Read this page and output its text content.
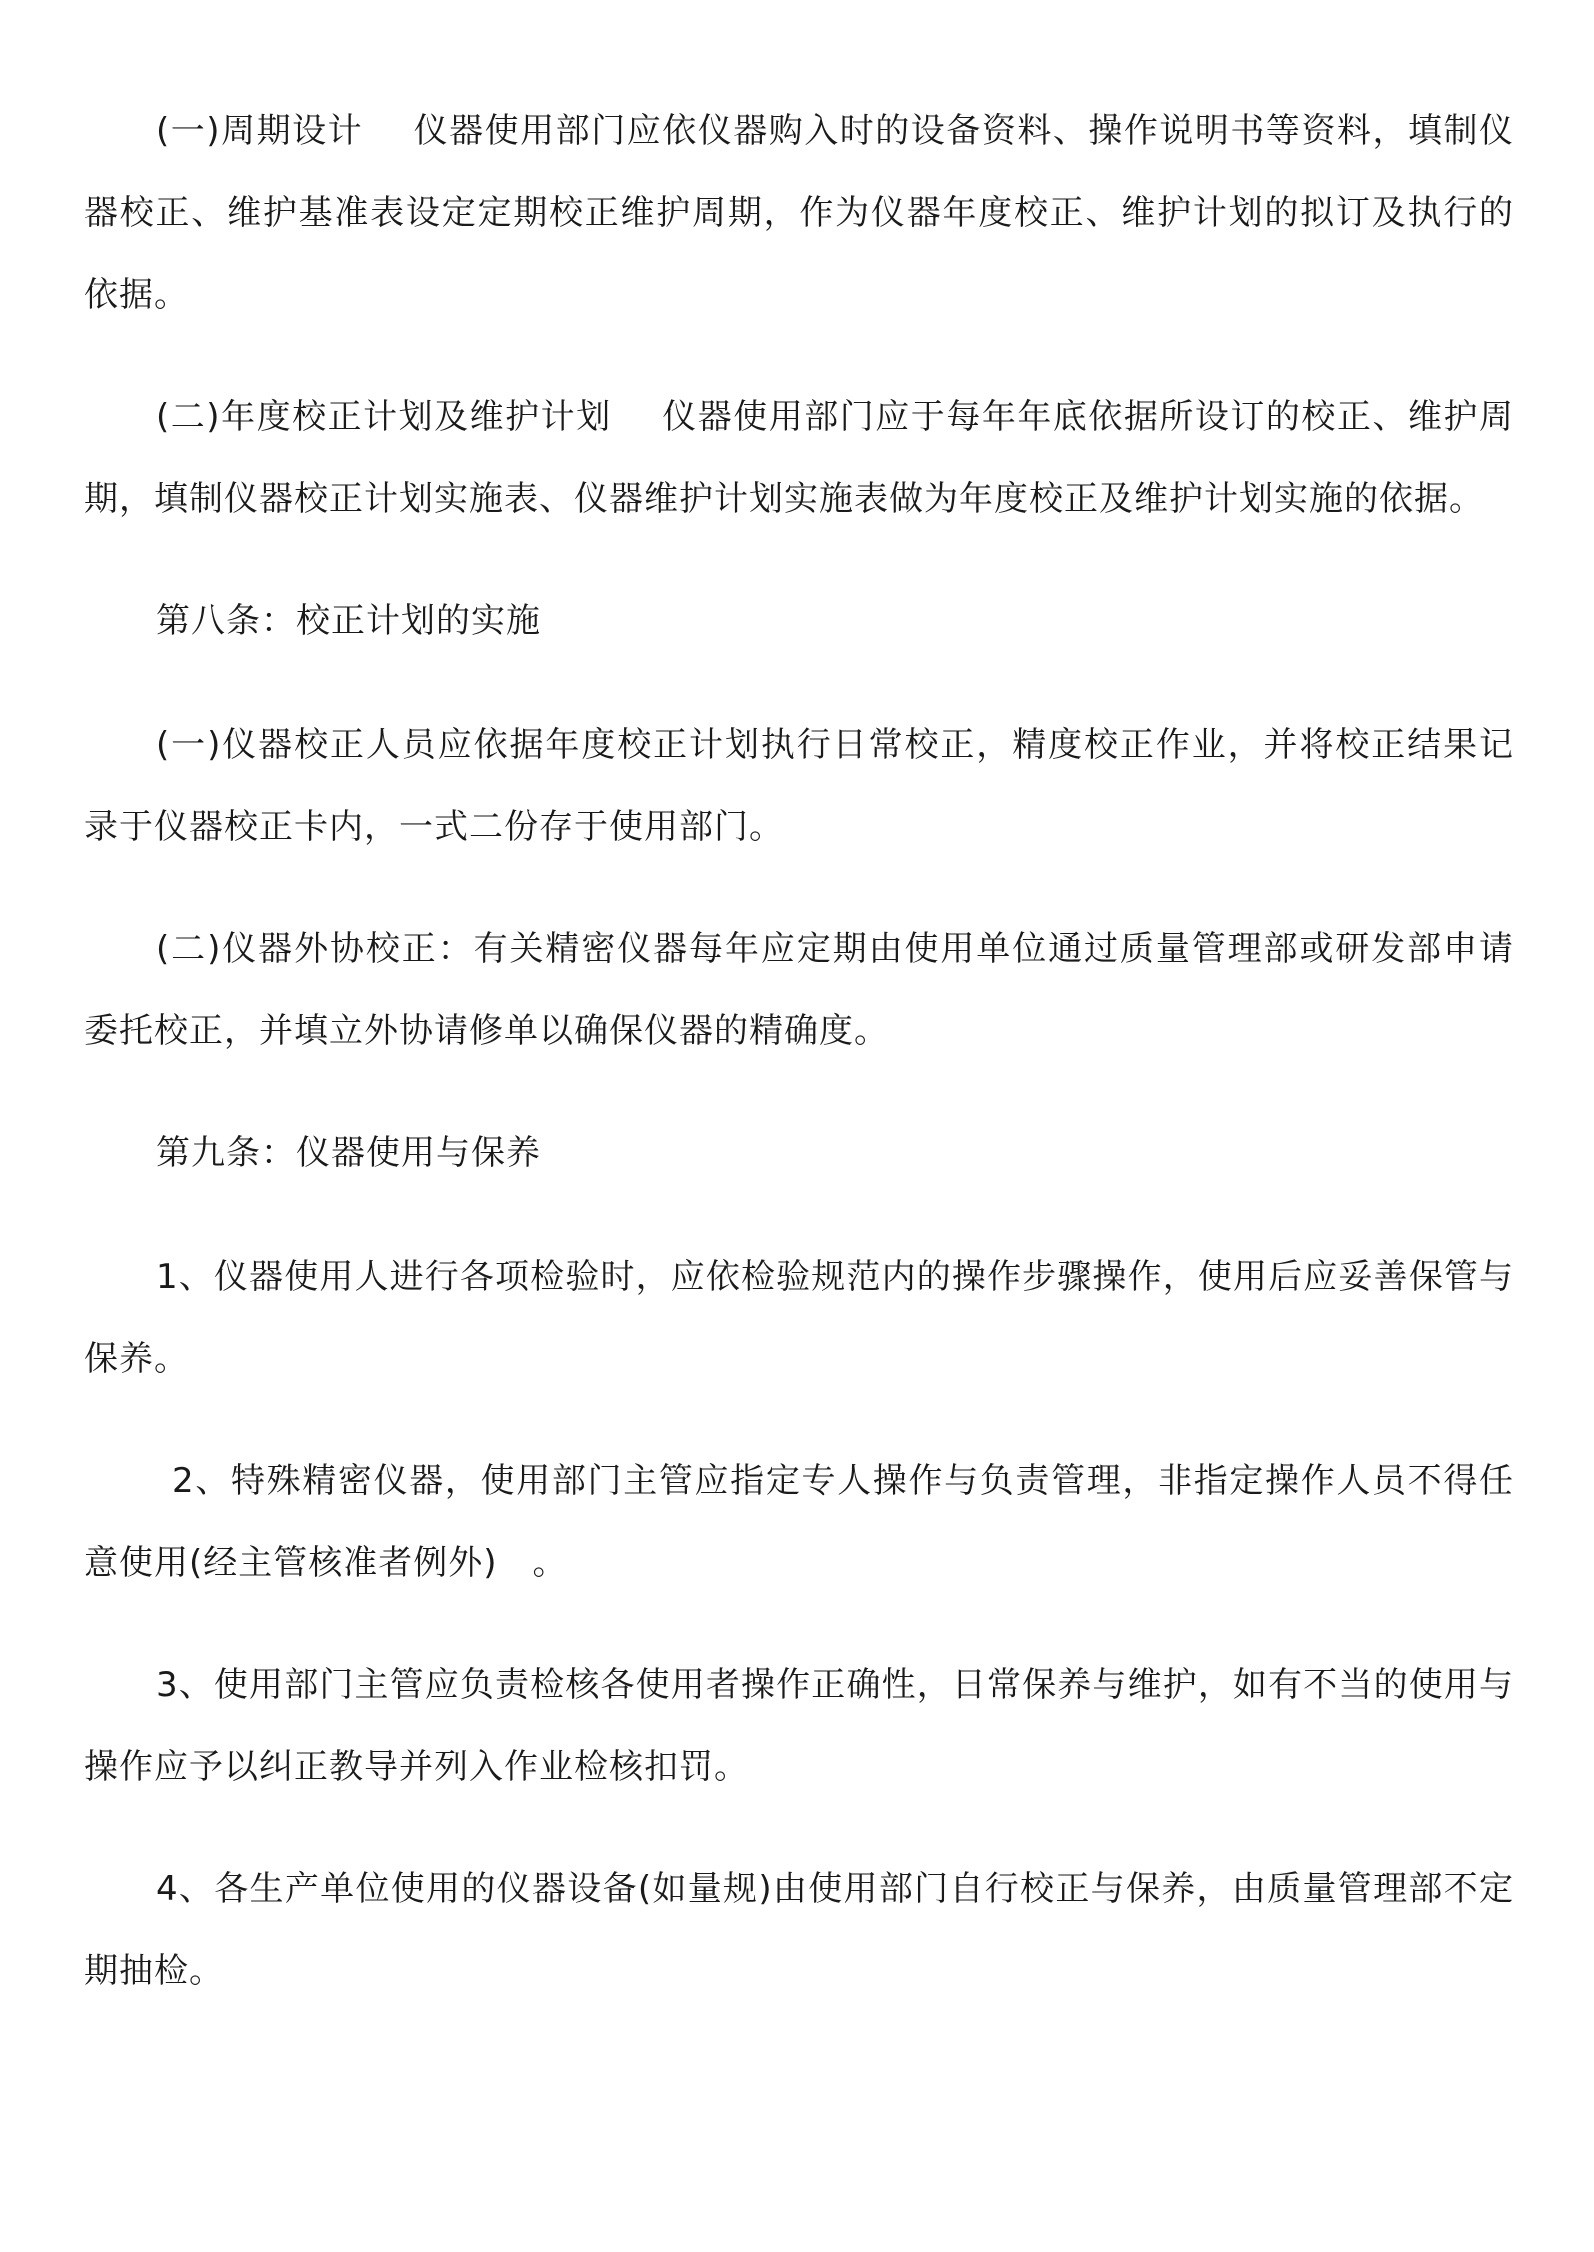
(一)周期设计 仪器使用部门应依仪器购入时的设备资料、操作说明书等资料，填制仪器校正、维护基准表设定定期校正维护周期，作为仪器年度校正、维护计划的拟订及执行的依据。

(二)年度校正计划及维护计划 仪器使用部门应于每年年底依据所设订的校正、维护周期，填制仪器校正计划实施表、仪器维护计划实施表做为年度校正及维护计划实施的依据。

第八条：校正计划的实施

(一)仪器校正人员应依据年度校正计划执行日常校正，精度校正作业，并将校正结果记录于仪器校正卡内，一式二份存于使用部门。

(二)仪器外协校正：有关精密仪器每年应定期由使用单位通过质量管理部或研发部申请委托校正，并填立外协请修单以确保仪器的精确度。

第九条：仪器使用与保养

1、仪器使用人进行各项检验时，应依检验规范内的操作步骤操作，使用后应妥善保管与保养。

2、特殊精密仪器，使用部门主管应指定专人操作与负责管理，非指定操作人员不得任意使用(经主管核准者例外)　。

3、使用部门主管应负责检核各使用者操作正确性，日常保养与维护，如有不当的使用与操作应予以纠正教导并列入作业检核扣罚。

4、各生产单位使用的仪器设备(如量规)由使用部门自行校正与保养，由质量管理部不定期抽检。
